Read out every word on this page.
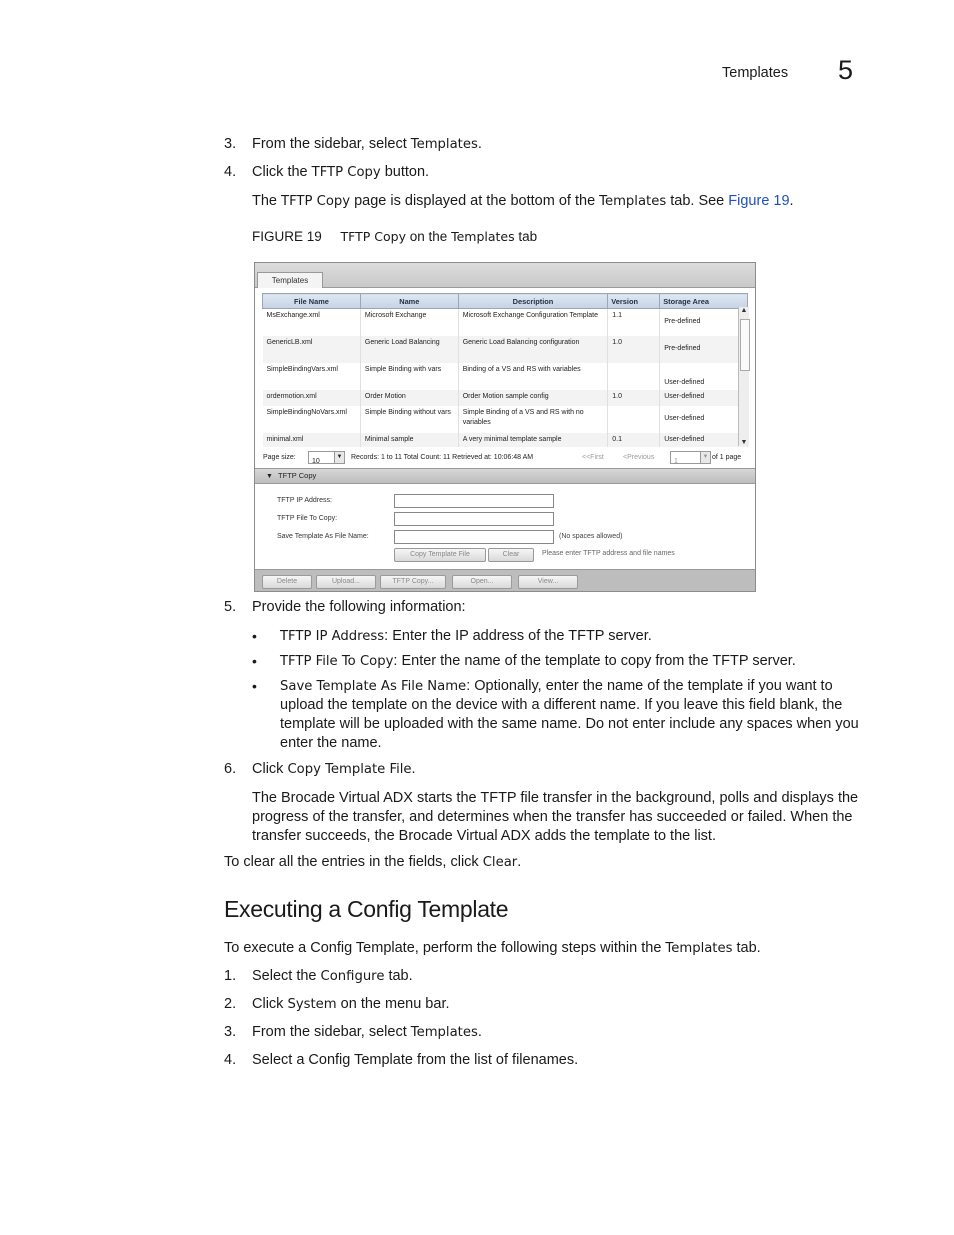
Templates 5
3. From the sidebar, select Templates.
4. Click the TFTP Copy button.
The TFTP Copy page is displayed at the bottom of the Templates tab. See Figure 19.
FIGURE 19 TFTP Copy on the Templates tab
Templates
File Name	Name	Description	Version	Storage Area
MsExchange.xml	Microsoft Exchange	Microsoft Exchange Configuration Template	1.1	Pre-defined
GenericLB.xml	Generic Load Balancing	Generic Load Balancing configuration	1.0	Pre-defined
SimpleBindingVars.xml	Simple Binding with vars	Binding of a VS and RS with variables		User-defined
ordermotion.xml	Order Motion	Order Motion sample config	1.0	User-defined
SimpleBindingNoVars.xml	Simple Binding without vars	Simple Binding of a VS and RS with no variables		User-defined
minimal.xml	Minimal sample	A very minimal template sample	0.1	User-defined
▲
▼
Page size:
10
▼ Records: 1 to 11 Total Count: 11 Retrieved at: 10:06:48 AM	<<First	<Previous
1
▼ of 1 page
▼ TFTP Copy
TFTP IP Address:
TFTP File To Copy:
Save Template As File Name:	(No spaces allowed)
Copy Template File	Clear	Please enter TFTP address and file names
Delete	Upload...	TFTP Copy...	Open...	View...
5. Provide the following information:
• TFTP IP Address: Enter the IP address of the TFTP server.
• TFTP File To Copy: Enter the name of the template to copy from the TFTP server.
• Save Template As File Name: Optionally, enter the name of the template if you want to upload the template on the device with a different name. If you leave this field blank, the template will be uploaded with the same name. Do not enter include any spaces when you enter the name.
6. Click Copy Template File.
The Brocade Virtual ADX starts the TFTP file transfer in the background, polls and displays the progress of the transfer, and determines when the transfer has succeeded or failed. When the transfer succeeds, the Brocade Virtual ADX adds the template to the list.
To clear all the entries in the fields, click Clear.
Executing a Config Template
To execute a Config Template, perform the following steps within the Templates tab.
1. Select the Configure tab.
2. Click System on the menu bar.
3. From the sidebar, select Templates.
4. Select a Config Template from the list of filenames.
